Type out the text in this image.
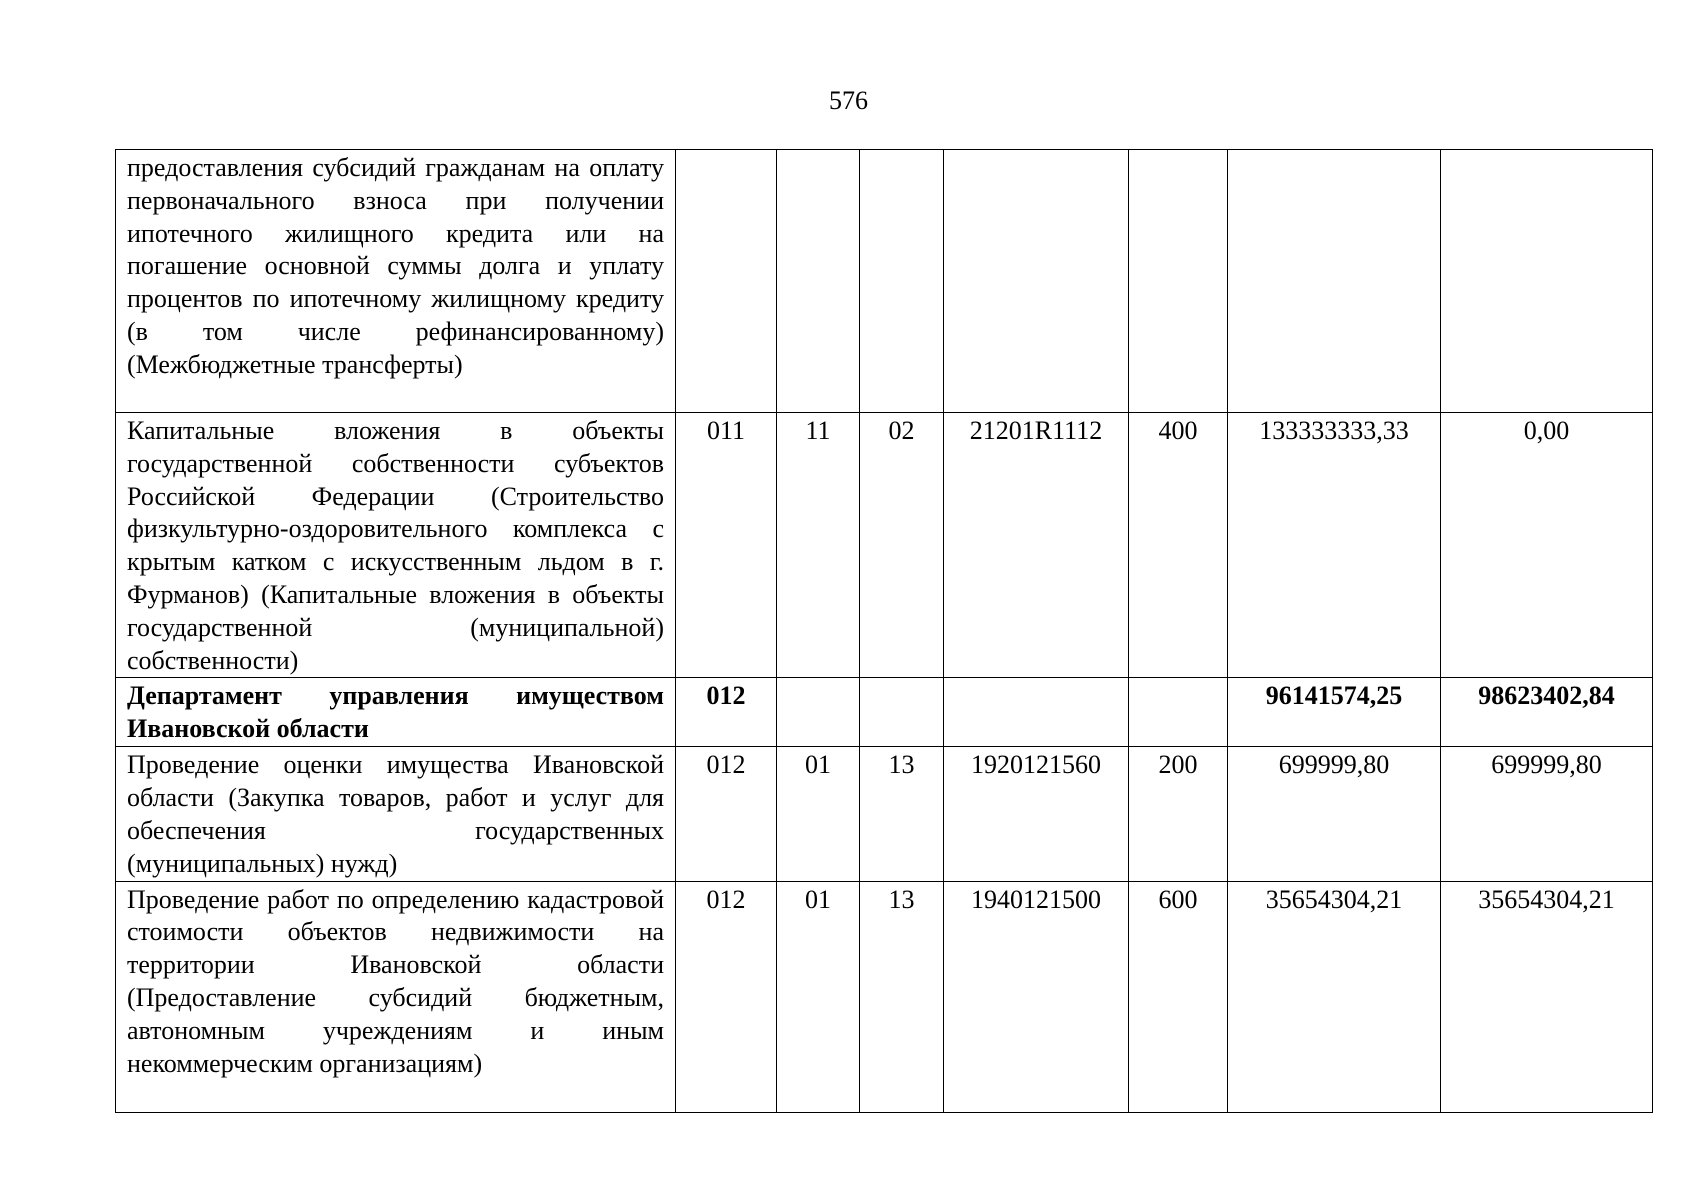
576
предоставления субсидий гражданам на оплату первоначального взноса при получении ипотечного жилищного кредита или на погашение основной суммы долга и уплату процентов по ипотечному жилищному кредиту (в том числе рефинансированному) (Межбюджетные трансферты)							
Капитальные вложения в объекты государственной собственности субъектов Российской Федерации (Строительство физкультурно-оздоровительного комплекса с крытым катком с искусственным льдом в г. Фурманов) (Капитальные вложения в объекты государственной (муниципальной) собственности)	011	11	02	21201R1112	400	133333333,33	0,00
Департамент управления имуществом Ивановской области	012					96141574,25	98623402,84
Проведение оценки имущества Ивановской области (Закупка товаров, работ и услуг для обеспечения государственных (муниципальных) нужд)	012	01	13	1920121560	200	699999,80	699999,80
Проведение работ по определению кадастровой стоимости объектов недвижимости на территории Ивановской области (Предоставление субсидий бюджетным, автономным учреждениям и иным некоммерческим организациям)	012	01	13	1940121500	600	35654304,21	35654304,21
